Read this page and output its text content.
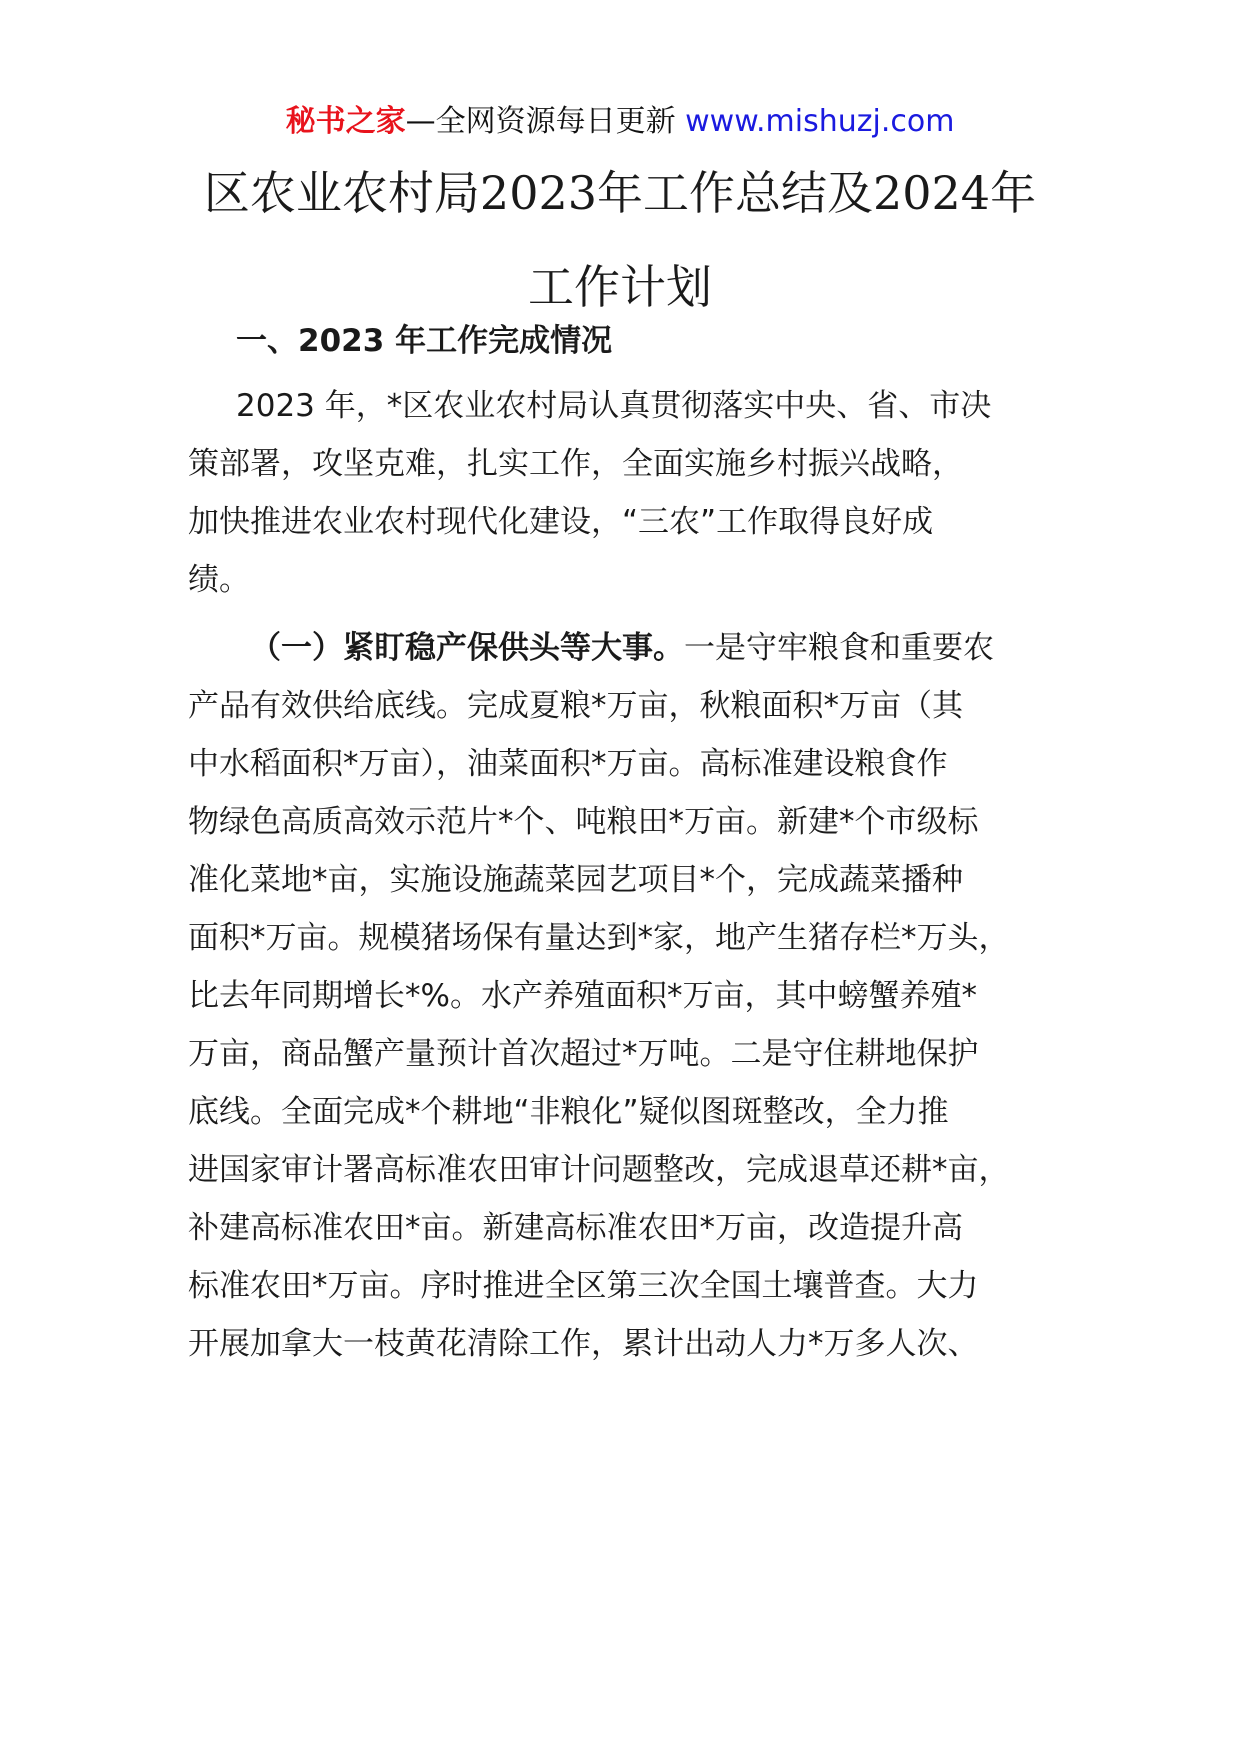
秘书之家—全网资源每日更新 www.mishuzj.com
区农业农村局2023年工作总结及2024年
工作计划
一、2023 年工作完成情况
2023 年，*区农业农村局认真贯彻落实中央、省、市决
策部署，攻坚克难，扎实工作，全面实施乡村振兴战略，
加快推进农业农村现代化建设，“三农”工作取得良好成
绩。
（一）紧盯稳产保供头等大事。一是守牢粮食和重要农
产品有效供给底线。完成夏粮*万亩，秋粮面积*万亩（其
中水稻面积*万亩），油菜面积*万亩。高标准建设粮食作
物绿色高质高效示范片*个、吨粮田*万亩。新建*个市级标
准化菜地*亩，实施设施蔬菜园艺项目*个，完成蔬菜播种
面积*万亩。规模猪场保有量达到*家，地产生猪存栏*万头，
比去年同期增长*%。水产养殖面积*万亩，其中螃蟹养殖*
万亩，商品蟹产量预计首次超过*万吨。二是守住耕地保护
底线。全面完成*个耕地“非粮化”疑似图斑整改，全力推
进国家审计署高标准农田审计问题整改，完成退草还耕*亩，
补建高标准农田*亩。新建高标准农田*万亩，改造提升高
标准农田*万亩。序时推进全区第三次全国土壤普查。大力
开展加拿大一枝黄花清除工作，累计出动人力*万多人次、
